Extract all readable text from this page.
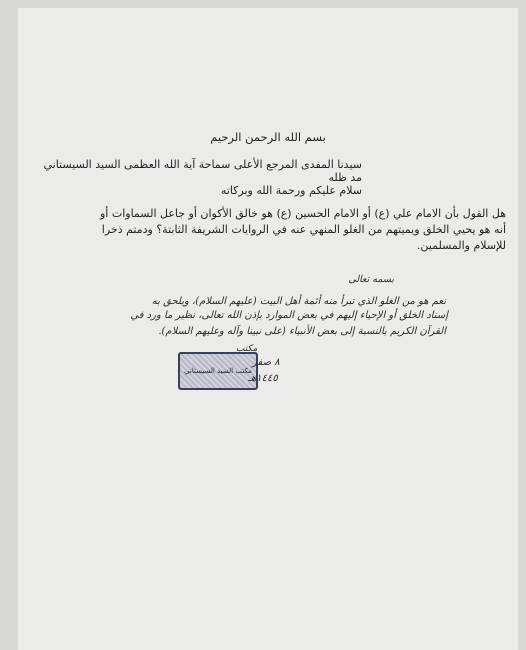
بسم الله الرحمن الرحيم
سيدنا المفدى المرجع الأعلى سماحة آية الله العظمى السيد السيستاني مد ظله
سلام عليكم ورحمة الله وبركاته
هل القول بأن الامام علي (ع) أو الامام الحسين (ع) هو خالق الأكوان أو جاعل السماوات أو أنه هو يحيي الخلق ويميتهم من الغلو المنهي عنه في الروايات الشريفة الثابتة؟ ودمتم ذخرا للإسلام والمسلمين.
بسمه تعالى
نعم هو من الغلو الذي تبرأ منه أئمة أهل البيت (عليهم السلام)، ويلحق به
إسناد الخلق أو الإحياء إليهم في بعض الموارد بإذن الله تعالى، نظير ما ورد في
القرآن الكريم بالنسبة إلى بعض الأنبياء (على نبينا وآله وعليهم السلام).
مكتب السيد السيستاني
مكتب
٨ صفر
١٤٤٥هـ
